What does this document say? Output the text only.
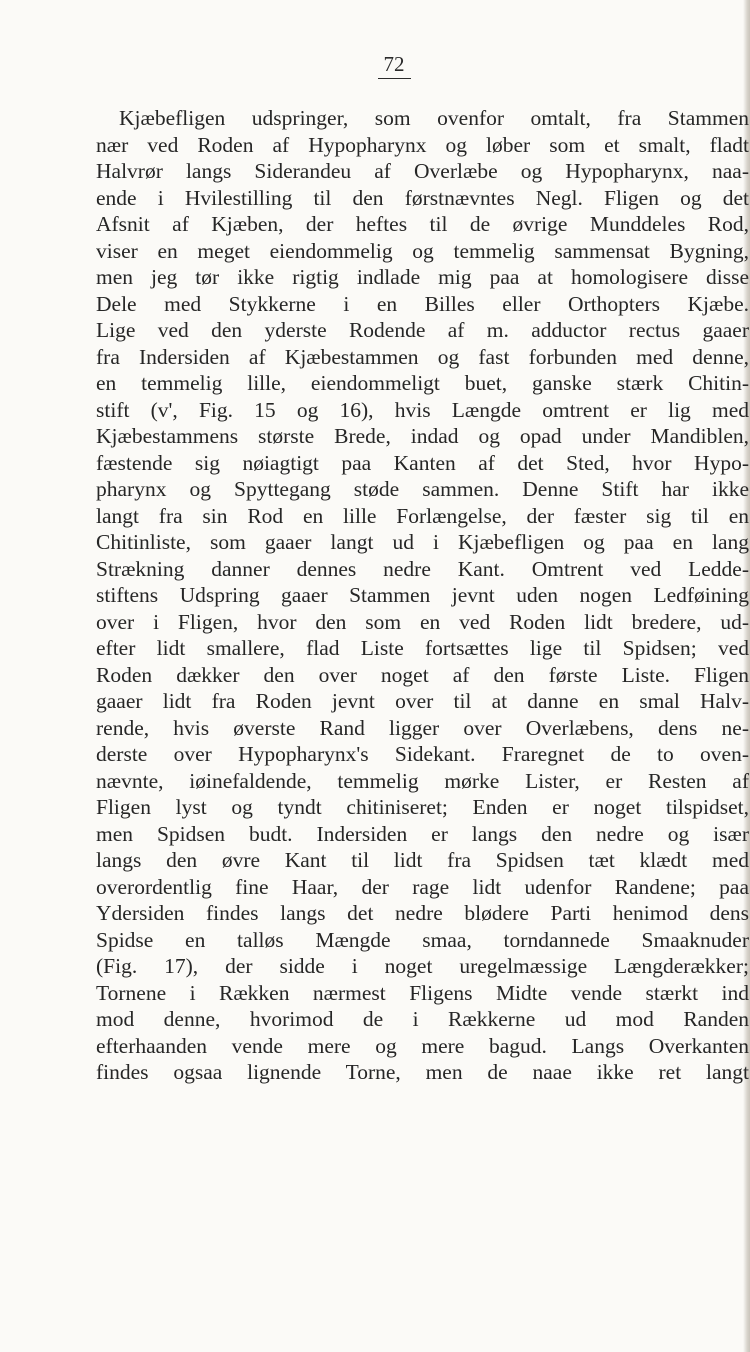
72
Kjæbefligen udspringer, som ovenfor omtalt, fra Stammen
nær ved Roden af Hypopharynx og løber som et smalt, fladt
Halvrør langs Siderandeu af Overlæbe og Hypopharynx, naa-
ende i Hvilestilling til den førstnævntes Negl. Fligen og det
Afsnit af Kjæben, der heftes til de øvrige Munddeles Rod,
viser en meget eiendommelig og temmelig sammensat Bygning,
men jeg tør ikke rigtig indlade mig paa at homologisere disse
Dele med Stykkerne i en Billes eller Orthopters Kjæbe.
Lige ved den yderste Rodende af m. adductor rectus gaaer
fra Indersiden af Kjæbestammen og fast forbunden med denne,
en temmelig lille, eiendommeligt buet, ganske stærk Chitin-
stift (v', Fig. 15 og 16), hvis Længde omtrent er lig med
Kjæbestammens største Brede, indad og opad under Mandiblen,
fæstende sig nøiagtigt paa Kanten af det Sted, hvor Hypo-
pharynx og Spyttegang støde sammen. Denne Stift har ikke
langt fra sin Rod en lille Forlængelse, der fæster sig til en
Chitinliste, som gaaer langt ud i Kjæbefligen og paa en lang
Strækning danner dennes nedre Kant. Omtrent ved Ledde-
stiftens Udspring gaaer Stammen jevnt uden nogen Ledføining
over i Fligen, hvor den som en ved Roden lidt bredere, ud-
efter lidt smallere, flad Liste fortsættes lige til Spidsen; ved
Roden dækker den over noget af den første Liste. Fligen
gaaer lidt fra Roden jevnt over til at danne en smal Halv-
rende, hvis øverste Rand ligger over Overlæbens, dens ne-
derste over Hypopharynx's Sidekant. Fraregnet de to oven-
nævnte, iøinefaldende, temmelig mørke Lister, er Resten af
Fligen lyst og tyndt chitiniseret; Enden er noget tilspidset,
men Spidsen budt. Indersiden er langs den nedre og især
langs den øvre Kant til lidt fra Spidsen tæt klædt med
overordentlig fine Haar, der rage lidt udenfor Randene; paa
Ydersiden findes langs det nedre blødere Parti henimod dens
Spidse en talløs Mængde smaa, torndannede Smaaknuder
(Fig. 17), der sidde i noget uregelmæssige Længderækker;
Tornene i Rækken nærmest Fligens Midte vende stærkt ind
mod denne, hvorimod de i Rækkerne ud mod Randen
efterhaanden vende mere og mere bagud. Langs Overkanten
findes ogsaa lignende Torne, men de naae ikke ret langt
